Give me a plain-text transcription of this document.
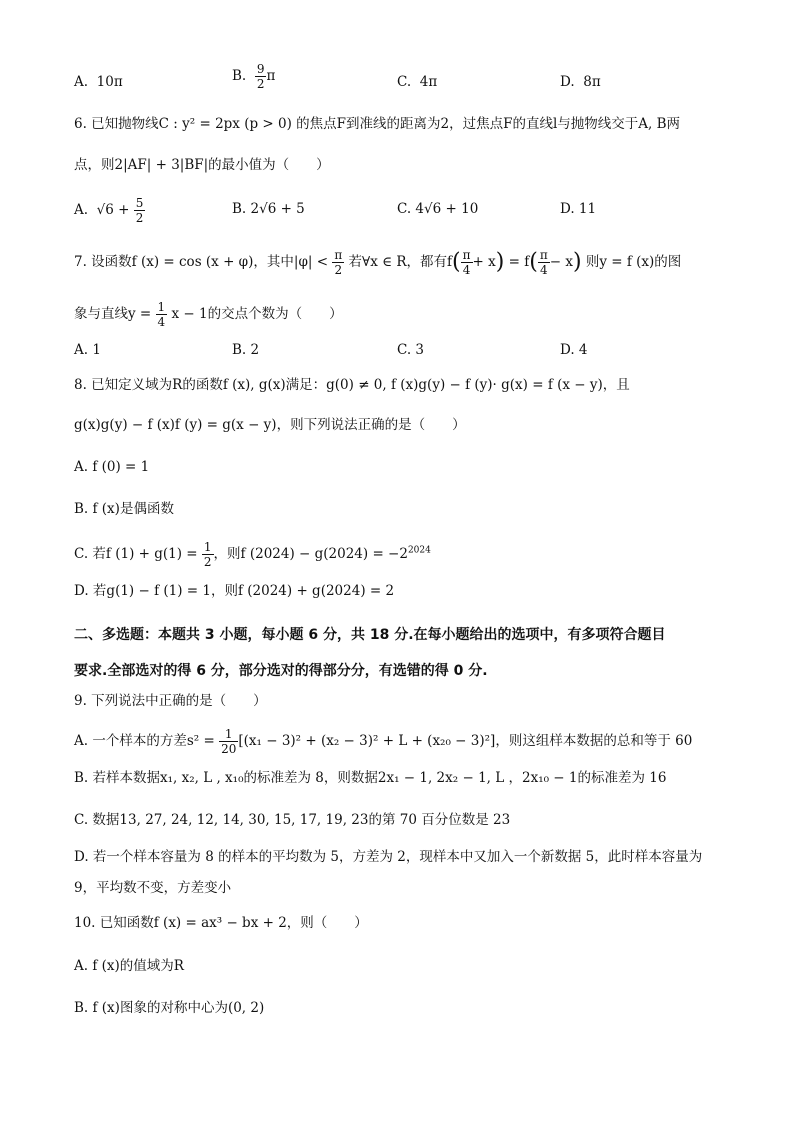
A. 10π	B. $\frac{9}{2}$ π	C. 4π	D. 8π
6. 已知抛物线C : y² = 2px (p > 0) 的焦点F到准线的距离为2，过焦点F的直线l与抛物线交于A, B两
点，则2|AF| + 3|BF|的最小值为（　　）
A. $√6 + \frac{5}{2}$	B. 2√6 + 5	C. 4√6 + 10	D. 11
7. 设函数f (x) = cos (x + φ)，其中$|\varphi| < \frac{\pi}{2}$ 若∀x ∈ R，都有$f( \frac{\pi}{4} + x) = f( \frac{\pi}{4} - x)$ 则y = f (x)的图
象与直线$y = \frac{1}{4}$ x − 1的交点个数为（　　）
A. 1	B. 2	C. 3	D. 4
8. 已知定义域为R的函数f (x), g(x)满足：g(0) ≠ 0, f (x)g(y) − f (y)· g(x) = f (x − y)，且
g(x)g(y) − f (x)f (y) = g(x − y)，则下列说法正确的是（　　）
A. f (0) = 1
B. f (x)是偶函数
C. 若f $(1) + g(1) = \frac{1}{2}$ ，则f $(2024) - g(2024) = -2^{2024}$
D. 若g(1) − f (1) = 1，则f (2024) + g(2024) = 2
二、多选题：本题共 3 小题，每小题 6 分，共 18 分.在每小题给出的选项中，有多项符合题目
要求.全部选对的得 6 分，部分选对的得部分分，有选错的得 0 分.
9. 下列说法中正确的是（　　）
A. 一个样本的方差$s^2 = \frac{1}{20} [(x_1 - 3)^2 + (x_2 - 3)^2 + L + (x_{20} - 3)^2]$，则这组样本数据的总和等于 60
B. 若样本数据x₁, x₂, L , x₁₀的标准差为 8，则数据2x₁ − 1, 2x₂ − 1, L ，2x₁₀ − 1的标准差为 16
C. 数据13, 27, 24, 12, 14, 30, 15, 17, 19, 23的第 70 百分位数是 23
D. 若一个样本容量为 8 的样本的平均数为 5，方差为 2，现样本中又加入一个新数据 5，此时样本容量为
9，平均数不变，方差变小
10. 已知函数f (x) = ax³ − bx + 2，则（　　）
A. f (x)的值域为R
B. f (x)图象的对称中心为(0, 2)
